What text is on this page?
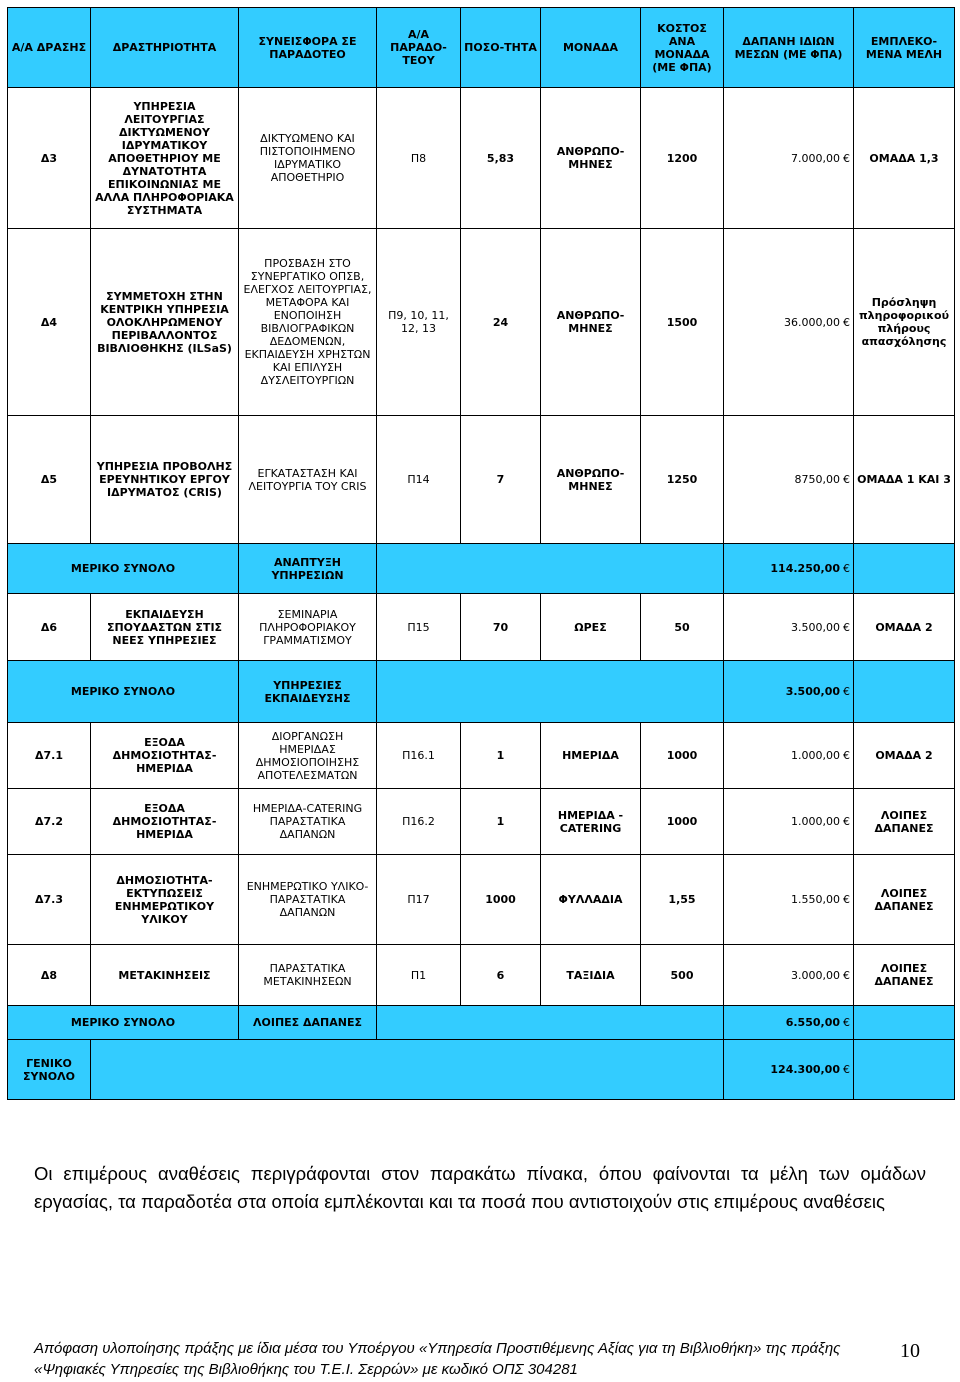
Α/Α ΔΡΑΣΗΣ	ΔΡΑΣΤΗΡΙΟΤΗΤΑ	ΣΥΝΕΙΣΦΟΡΑ ΣΕ ΠΑΡΑΔΟΤΕΟ	Α/Α ΠΑΡΑΔΟ-ΤΕΟΥ	ΠΟΣΟ-ΤΗΤΑ	ΜΟΝΑΔΑ	ΚΟΣΤΟΣ ΑΝΑ ΜΟΝΑΔΑ (ΜΕ ΦΠΑ)	ΔΑΠΑΝΗ ΙΔΙΩΝ ΜΕΣΩΝ (ΜΕ ΦΠΑ)	ΕΜΠΛΕΚΟ-ΜΕΝΑ ΜΕΛΗ
Δ3	ΥΠΗΡΕΣΙΑ ΛΕΙΤΟΥΡΓΙΑΣ ΔΙΚΤΥΩΜΕΝΟΥ ΙΔΡΥΜΑΤΙΚΟΥ ΑΠΟΘΕΤΗΡΙΟΥ ΜΕ ΔΥΝΑΤΟΤΗΤΑ ΕΠΙΚΟΙΝΩΝΙΑΣ ΜΕ ΑΛΛΑ ΠΛΗΡΟΦΟΡΙΑΚΑ ΣΥΣΤΗΜΑΤΑ	ΔΙΚΤΥΩΜΕΝΟ ΚΑΙ ΠΙΣΤΟΠΟΙΗΜΕΝΟ ΙΔΡΥΜΑΤΙΚΟ ΑΠΟΘΕΤΗΡΙΟ	Π8	5,83	ΑΝΘΡΩΠΟ-ΜΗΝΕΣ	1200	7.000,00 €	ΟΜΑΔΑ 1,3
Δ4	ΣΥΜΜΕΤΟΧΗ ΣΤΗΝ ΚΕΝΤΡΙΚΗ ΥΠΗΡΕΣΙΑ ΟΛΟΚΛΗΡΩΜΕΝΟΥ ΠΕΡΙΒΑΛΛΟΝΤΟΣ ΒΙΒΛΙΟΘΗΚΗΣ (ILSaS)	ΠΡΟΣΒΑΣΗ ΣΤΟ ΣΥΝΕΡΓΑΤΙΚΟ ΟΠΣΒ, ΕΛΕΓΧΟΣ ΛΕΙΤΟΥΡΓΙΑΣ, ΜΕΤΑΦΟΡΑ ΚΑΙ ΕΝΟΠΟΙΗΣΗ ΒΙΒΛΙΟΓΡΑΦΙΚΩΝ ΔΕΔΟΜΕΝΩΝ, ΕΚΠΑΙΔΕΥΣΗ ΧΡΗΣΤΩΝ ΚΑΙ ΕΠΙΛΥΣΗ ΔΥΣΛΕΙΤΟΥΡΓΙΩΝ	Π9, 10, 11, 12, 13	24	ΑΝΘΡΩΠΟ-ΜΗΝΕΣ	1500	36.000,00 €	Πρόσληψη πληροφορικού πλήρους απασχόλησης
Δ5	ΥΠΗΡΕΣΙΑ ΠΡΟΒΟΛΗΣ ΕΡΕΥΝΗΤΙΚΟΥ ΕΡΓΟΥ ΙΔΡΥΜΑΤΟΣ (CRIS)	ΕΓΚΑΤΑΣΤΑΣΗ ΚΑΙ ΛΕΙΤΟΥΡΓΙΑ ΤΟΥ CRIS	Π14	7	ΑΝΘΡΩΠΟ-ΜΗΝΕΣ	1250	8750,00 €	ΟΜΑΔΑ 1 ΚΑΙ 3
ΜΕΡΙΚΟ ΣΥΝΟΛΟ		ΑΝΑΠΤΥΞΗ ΥΠΗΡΕΣΙΩΝ					114.250,00 €	
Δ6	ΕΚΠΑΙΔΕΥΣΗ ΣΠΟΥΔΑΣΤΩΝ ΣΤΙΣ ΝΕΕΣ ΥΠΗΡΕΣΙΕΣ	ΣΕΜΙΝΑΡΙΑ ΠΛΗΡΟΦΟΡΙΑΚΟΥ ΓΡΑΜΜΑΤΙΣΜΟΥ	Π15	70	ΩΡΕΣ	50	3.500,00 €	ΟΜΑΔΑ 2
ΜΕΡΙΚΟ ΣΥΝΟΛΟ		ΥΠΗΡΕΣΙΕΣ ΕΚΠΑΙΔΕΥΣΗΣ					3.500,00 €	
Δ7.1	ΕΞΟΔΑ ΔΗΜΟΣΙΟΤΗΤΑΣ-ΗΜΕΡΙΔΑ	ΔΙΟΡΓΑΝΩΣΗ ΗΜΕΡΙΔΑΣ ΔΗΜΟΣΙΟΠΟΙΗΣΗΣ ΑΠΟΤΕΛΕΣΜΑΤΩΝ	Π16.1	1	ΗΜΕΡΙΔΑ	1000	1.000,00 €	ΟΜΑΔΑ 2
Δ7.2	ΕΞΟΔΑ ΔΗΜΟΣΙΟΤΗΤΑΣ-ΗΜΕΡΙΔΑ	ΗΜΕΡΙΔΑ-CATERING ΠΑΡΑΣΤΑΤΙΚΑ ΔΑΠΑΝΩΝ	Π16.2	1	ΗΜΕΡΙΔΑ - CATERING	1000	1.000,00 €	ΛΟΙΠΕΣ ΔΑΠΑΝΕΣ
Δ7.3	ΔΗΜΟΣΙΟΤΗΤΑ-ΕΚΤΥΠΩΣΕΙΣ ΕΝΗΜΕΡΩΤΙΚΟΥ ΥΛΙΚΟΥ	ΕΝΗΜΕΡΩΤΙΚΟ ΥΛΙΚΟ-ΠΑΡΑΣΤΑΤΙΚΑ ΔΑΠΑΝΩΝ	Π17	1000	ΦΥΛΛΑΔΙΑ	1,55	1.550,00 €	ΛΟΙΠΕΣ ΔΑΠΑΝΕΣ
Δ8	ΜΕΤΑΚΙΝΗΣΕΙΣ	ΠΑΡΑΣΤΑΤΙΚΑ ΜΕΤΑΚΙΝΗΣΕΩΝ	Π1	6	ΤΑΞΙΔΙΑ	500	3.000,00 €	ΛΟΙΠΕΣ ΔΑΠΑΝΕΣ
ΜΕΡΙΚΟ ΣΥΝΟΛΟ		ΛΟΙΠΕΣ ΔΑΠΑΝΕΣ					6.550,00 €	
ΓΕΝΙΚΟ ΣΥΝΟΛΟ							124.300,00 €	
Οι επιμέρους αναθέσεις περιγράφονται στον παρακάτω πίνακα, όπου φαίνονται τα μέλη των ομάδων εργασίας, τα παραδοτέα στα οποία εμπλέκονται και τα ποσά που αντιστοιχούν στις επιμέρους αναθέσεις
Απόφαση υλοποίησης πράξης με ίδια μέσα του Υποέργου «Υπηρεσία Προστιθέμενης Αξίας για τη Βιβλιοθήκη» της πράξης «Ψηφιακές Υπηρεσίες της Βιβλιοθήκης του Τ.Ε.Ι. Σερρών» με κωδικό ΟΠΣ 304281
10
